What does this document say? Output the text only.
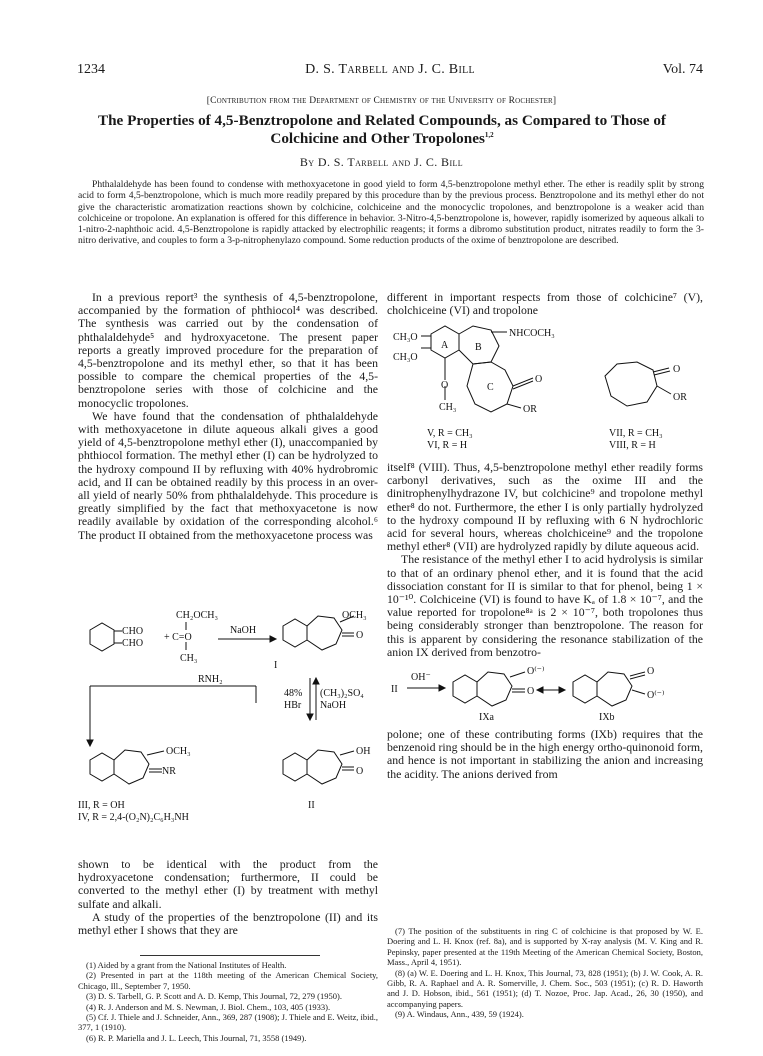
1234	D. S. Tarbell and J. C. Bill	Vol. 74
[Contribution from the Department of Chemistry of the University of Rochester]
The Properties of 4,5-Benztropolone and Related Compounds, as Compared to Those of Colchicine and Other Tropolones$^{1,2}$
By D. S. Tarbell and J. C. Bill
Phthalaldehyde has been found to condense with methoxyacetone in good yield to form 4,5-benztropolone methyl ether. The ether is readily split by strong acid to form 4,5-benztropolone, which is much more readily prepared by this procedure than by the previous process. Benztropolone and its methyl ether do not give the characteristic aromatization reactions shown by colchicine, colchiceine and the monocyclic tropolones, and benztropolone is a weaker acid than colchiceine or tropolone. An explanation is offered for this difference in behavior. 3-Nitro-4,5-benztropolone is, however, rapidly isomerized by aqueous alkali to 1-nitro-2-naphthoic acid. 4,5-Benztropolone is rapidly attacked by electrophilic reagents; it forms a dibromo substitution product, nitrates readily to form the 3-nitro derivative, and couples to form a 3-p-nitrophenylazo compound. Some reduction products of the oxime of benztropolone are described.

In a previous report³ the synthesis of 4,5-benztropolone, accompanied by the formation of phthiocol⁴ was described. The synthesis was carried out by the condensation of phthalaldehyde⁵ and hydroxyacetone. The present paper reports a greatly improved procedure for the preparation of 4,5-benztropolone and its methyl ether, so that it has been possible to compare the chemical properties of the 4,5-benztropolone series with those of colchicine and the monocyclic tropolones.

We have found that the condensation of phthalaldehyde with methoxyacetone in dilute aqueous alkali gives a good yield of 4,5-benztropolone methyl ether (I), unaccompanied by phthiocol formation. The methyl ether (I) can be hydrolyzed to the hydroxy compound II by refluxing with 40% hydrobromic acid, and II can be obtained readily by this process in an over-all yield of nearly 50% from phthalaldehyde. This procedure is greatly simplified by the fact that methoxyacetone is now readily available by oxidation of the corresponding alcohol.⁶ The product II obtained from the methoxyacetone process was

CH₂OCH₃
CHO
CHO
+ C=O
CH₃
NaOH
OCH₃
O
I
RNH₂
48%
HBr
(CH₃)₂SO₄
NaOH
OCH₃
NR
OH
O
II
III, R = OH
IV, R = 2,4-(O₂N)₂C₆H₃NH

shown to be identical with the product from the hydroxyacetone condensation; furthermore, II could be converted to the methyl ether (I) by treatment with methyl sulfate and alkali.

A study of the properties of the benztropolone (II) and its methyl ether I shows that they are

(1) Aided by a grant from the National Institutes of Health.

(2) Presented in part at the 118th meeting of the American Chemical Society, Chicago, Ill., September 7, 1950.

(3) D. S. Tarbell, G. P. Scott and A. D. Kemp, This Journal, 72, 279 (1950).

(4) R. J. Anderson and M. S. Newman, J. Biol. Chem., 103, 405 (1933).

(5) Cf. J. Thiele and J. Schneider, Ann., 369, 287 (1908); J. Thiele and E. Weitz, ibid., 377, 1 (1910).

(6) R. P. Mariella and J. L. Leech, This Journal, 71, 3558 (1949).

different in important respects from those of colchicine⁷ (V), cholchiceine (VI) and tropolone

CH₃O
CH₃O
NHCOCH₃
A	B
C
O
CH₃
O
OR
O
OR
V, R = CH₃
VI, R = H
VII, R = CH₃
VIII, R = H

itself⁸ (VIII). Thus, 4,5-benztropolone methyl ether readily forms carbonyl derivatives, such as the oxime III and the dinitrophenylhydrazone IV, but colchicine⁹ and tropolone methyl ether⁸ do not. Furthermore, the ether I is only partially hydrolyzed to the hydroxy compound II by refluxing with 6 N hydrochloric acid for several hours, whereas cholchiceine⁹ and the tropolone methyl ether⁸ (VII) are hydrolyzed rapidly by dilute aqueous acid.

The resistance of the methyl ether I to acid hydrolysis is similar to that of an ordinary phenol ether, and it is found that the acid dissociation constant for II is similar to that for phenol, being 1 × 10⁻¹⁰. Colchiceine (VI) is found to have Kₐ of 1.8 × 10⁻⁷, and the value reported for tropolone⁸ᵃ is 2 × 10⁻⁷, both tropolones thus being considerably stronger than benztropolone. The reason for this is apparent by considering the resonance stabilization of the anion IX derived from benzotro-

OH⁻
II
O⁽⁻⁾
O
O
O⁽⁻⁾
IXa	IXb

polone; one of these contributing forms (IXb) requires that the benzenoid ring should be in the high energy ortho-quinonoid form, and hence is not important in stabilizing the anion and increasing the acidity. The anions derived from

(7) The position of the substituents in ring C of colchicine is that proposed by W. E. Doering and L. H. Knox (ref. 8a), and is supported by X-ray analysis (M. V. King and R. Pepinsky, paper presented at the 119th Meeting of the American Chemical Society, Boston, Mass., April 4, 1951).

(8) (a) W. E. Doering and L. H. Knox, This Journal, 73, 828 (1951); (b) J. W. Cook, A. R. Gibb, R. A. Raphael and A. R. Somerville, J. Chem. Soc., 503 (1951); (c) R. D. Haworth and J. D. Hobson, ibid., 561 (1951); (d) T. Nozoe, Proc. Jap. Acad., 26, 30 (1950), and accompanying papers.

(9) A. Windaus, Ann., 439, 59 (1924).
